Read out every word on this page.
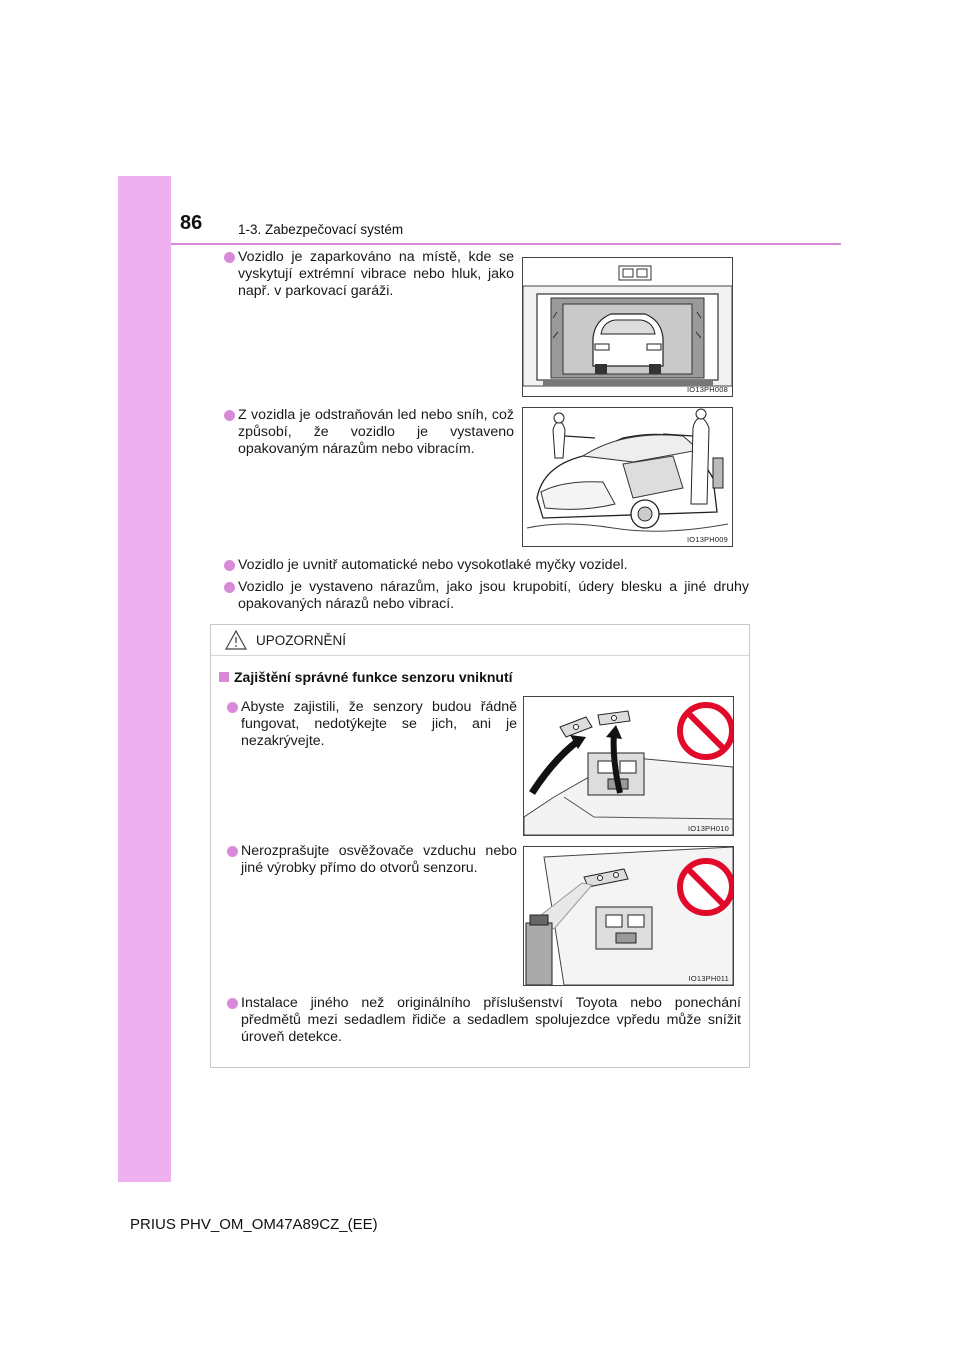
86	1-3. Zabezpečovací systém
Vozidlo je zaparkováno na místě, kde se vyskytují extrémní vibrace nebo hluk, jako např. v parkovací garáži.
IO13PH008
Z vozidla je odstraňován led nebo sníh, což způsobí, že vozidlo je vystaveno opakovaným nárazům nebo vibracím.
IO13PH009
Vozidlo je uvnitř automatické nebo vysokotlaké myčky vozidel.
Vozidlo je vystaveno nárazům, jako jsou krupobití, údery blesku a jiné druhy opakovaných nárazů nebo vibrací.
UPOZORNĚNÍ
Zajištění správné funkce senzoru vniknutí
Abyste zajistili, že senzory budou řádně fungovat, nedotýkejte se jich, ani je nezakrývejte.
IO13PH010
Nerozprašujte osvěžovače vzduchu nebo jiné výrobky přímo do otvorů senzoru.
IO13PH011
Instalace jiného než originálního příslušenství Toyota nebo ponechání předmětů mezi sedadlem řidiče a sedadlem spolujezdce vpředu může snížit úroveň detekce.
PRIUS PHV_OM_OM47A89CZ_(EE)
